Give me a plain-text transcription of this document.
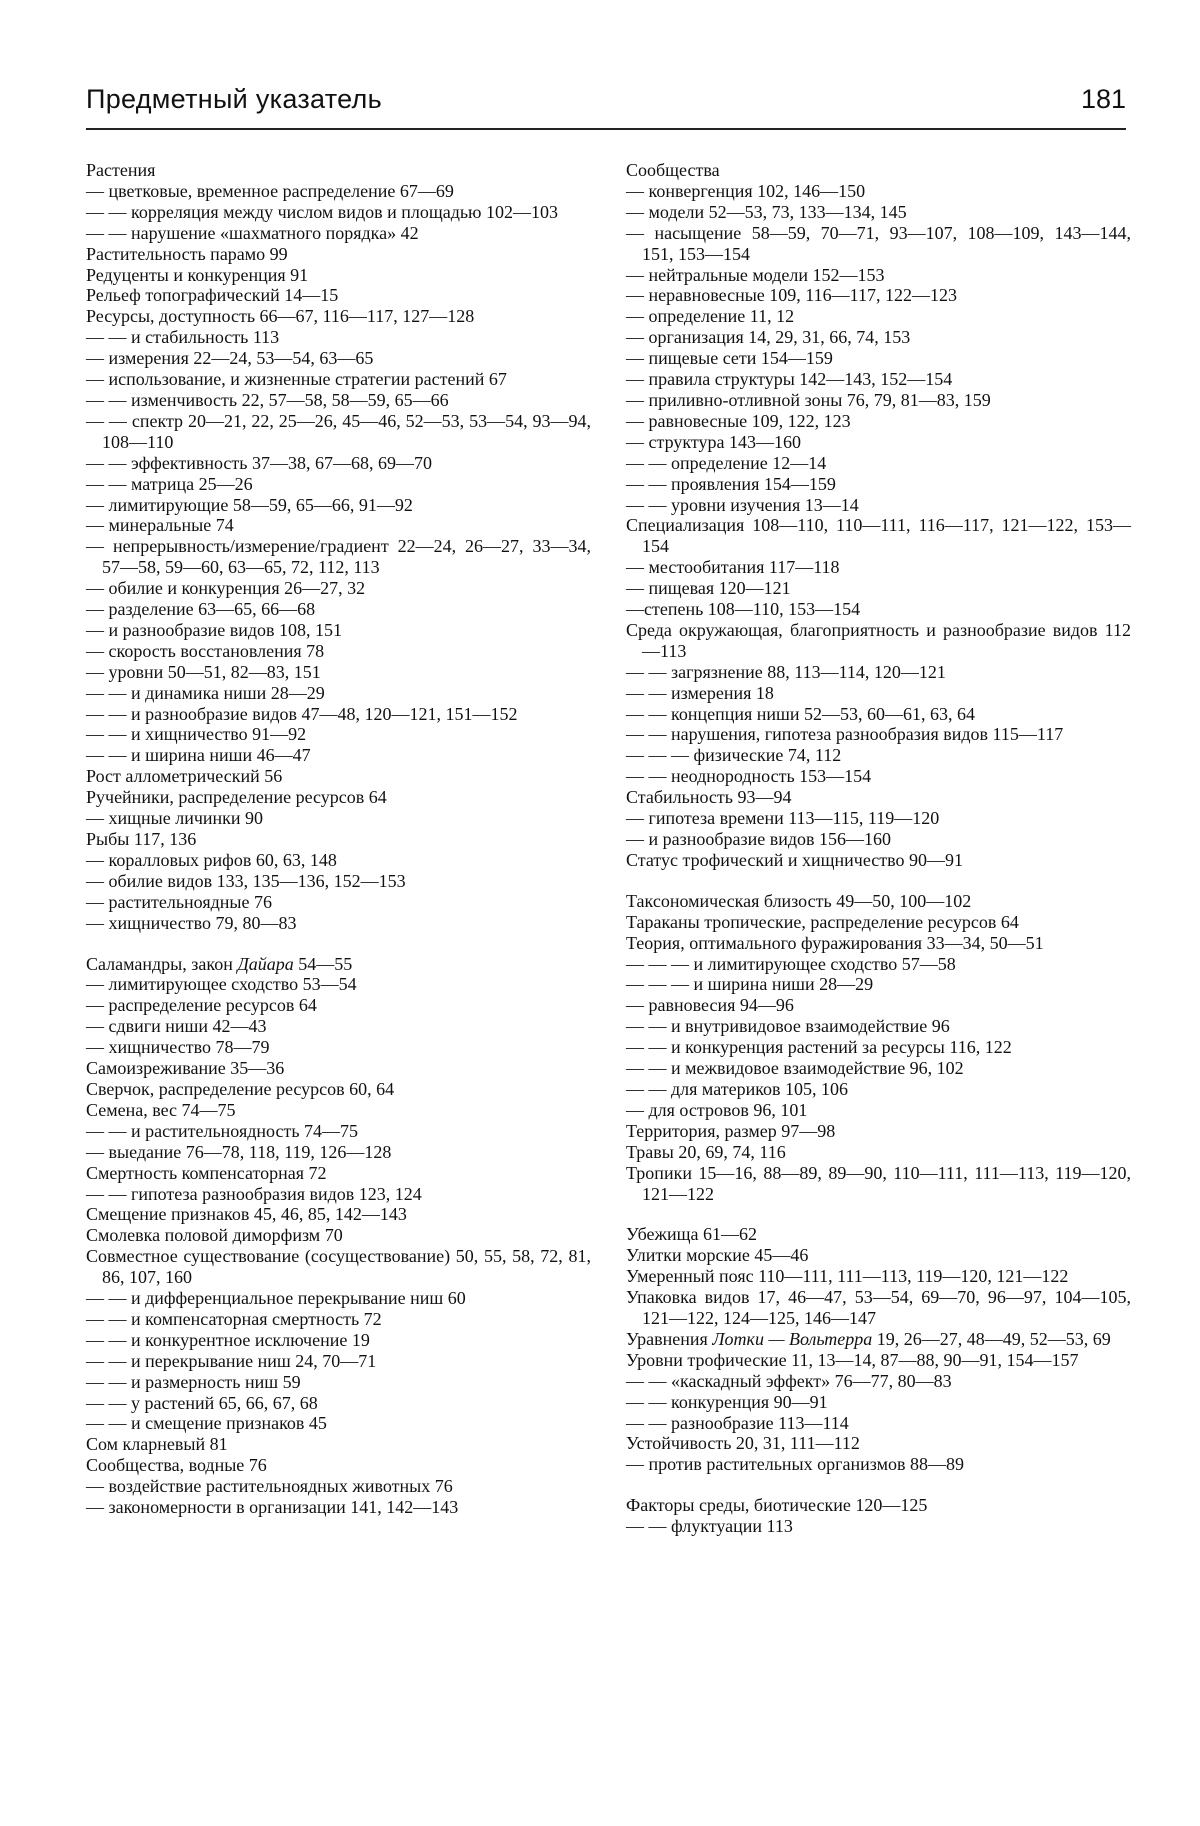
Предметный указатель	181
Растения
— цветковые, временное распределение 67—69
— — корреляция между числом видов и площадью 102—103
— — нарушение «шахматного порядка» 42
Растительность парамо 99
Редуценты и конкуренция 91
Рельеф топографический 14—15
Ресурсы, доступность 66—67, 116—117, 127—128
— — и стабильность 113
— измерения 22—24, 53—54, 63—65
— использование, и жизненные стратегии растений 67
— — изменчивость 22, 57—58, 58—59, 65—66
— — спектр 20—21, 22, 25—26, 45—46, 52—53, 53—54, 93—94, 108—110
— — эффективность 37—38, 67—68, 69—70
— — матрица 25—26
— лимитирующие 58—59, 65—66, 91—92
— минеральные 74
— непрерывность/измерение/градиент 22—24, 26—27, 33—34, 57—58, 59—60, 63—65, 72, 112, 113
— обилие и конкуренция 26—27, 32
— разделение 63—65, 66—68
— и разнообразие видов 108, 151
— скорость восстановления 78
— уровни 50—51, 82—83, 151
— — и динамика ниши 28—29
— — и разнообразие видов 47—48, 120—121, 151—152
— — и хищничество 91—92
— — и ширина ниши 46—47
Рост аллометрический 56
Ручейники, распределение ресурсов 64
— хищные личинки 90
Рыбы 117, 136
— коралловых рифов 60, 63, 148
— обилие видов 133, 135—136, 152—153
— растительноядные 76
— хищничество 79, 80—83
Саламандры, закон Дайара 54—55
— лимитирующее сходство 53—54
— распределение ресурсов 64
— сдвиги ниши 42—43
— хищничество 78—79
Самоизреживание 35—36
Сверчок, распределение ресурсов 60, 64
Семена, вес 74—75
— — и растительноядность 74—75
— выедание 76—78, 118, 119, 126—128
Смертность компенсаторная 72
— — гипотеза разнообразия видов 123, 124
Смещение признаков 45, 46, 85, 142—143
Смолевка половой диморфизм 70
Совместное существование (сосуществование) 50, 55, 58, 72, 81, 86, 107, 160
— — и дифференциальное перекрывание ниш 60
— — и компенсаторная смертность 72
— — и конкурентное исключение 19
— — и перекрывание ниш 24, 70—71
— — и размерность ниш 59
— — у растений 65, 66, 67, 68
— — и смещение признаков 45
Сом кларневый 81
Сообщества, водные 76
— воздействие растительноядных животных 76
— закономерности в организации 141, 142—143
Сообщества
— конвергенция 102, 146—150
— модели 52—53, 73, 133—134, 145
— насыщение 58—59, 70—71, 93—107, 108—109, 143—144, 151, 153—154
— нейтральные модели 152—153
— неравновесные 109, 116—117, 122—123
— определение 11, 12
— организация 14, 29, 31, 66, 74, 153
— пищевые сети 154—159
— правила структуры 142—143, 152—154
— приливно-отливной зоны 76, 79, 81—83, 159
— равновесные 109, 122, 123
— структура 143—160
— — определение 12—14
— — проявления 154—159
— — уровни изучения 13—14
Специализация 108—110, 110—111, 116—117, 121—122, 153—154
— местообитания 117—118
— пищевая 120—121
—степень 108—110, 153—154
Среда окружающая, благоприятность и разнообразие видов 112—113
— — загрязнение 88, 113—114, 120—121
— — измерения 18
— — концепция ниши 52—53, 60—61, 63, 64
— — нарушения, гипотеза разнообразия видов 115—117
— — — физические 74, 112
— — неоднородность 153—154
Стабильность 93—94
— гипотеза времени 113—115, 119—120
— и разнообразие видов 156—160
Статус трофический и хищничество 90—91
Таксономическая близость 49—50, 100—102
Тараканы тропические, распределение ресурсов 64
Теория, оптимального фуражирования 33—34, 50—51
— — — и лимитирующее сходство 57—58
— — — и ширина ниши 28—29
— равновесия 94—96
— — и внутривидовое взаимодействие 96
— — и конкуренция растений за ресурсы 116, 122
— — и межвидовое взаимодействие 96, 102
— — для материков 105, 106
— для островов 96, 101
Территория, размер 97—98
Травы 20, 69, 74, 116
Тропики 15—16, 88—89, 89—90, 110—111, 111—113, 119—120, 121—122
Убежища 61—62
Улитки морские 45—46
Умеренный пояс 110—111, 111—113, 119—120, 121—122
Упаковка видов 17, 46—47, 53—54, 69—70, 96—97, 104—105, 121—122, 124—125, 146—147
Уравнения Лотки — Вольтерра 19, 26—27, 48—49, 52—53, 69
Уровни трофические 11, 13—14, 87—88, 90—91, 154—157
— — «каскадный эффект» 76—77, 80—83
— — конкуренция 90—91
— — разнообразие 113—114
Устойчивость 20, 31, 111—112
— против растительных организмов 88—89
Факторы среды, биотические 120—125
— — флуктуации 113
